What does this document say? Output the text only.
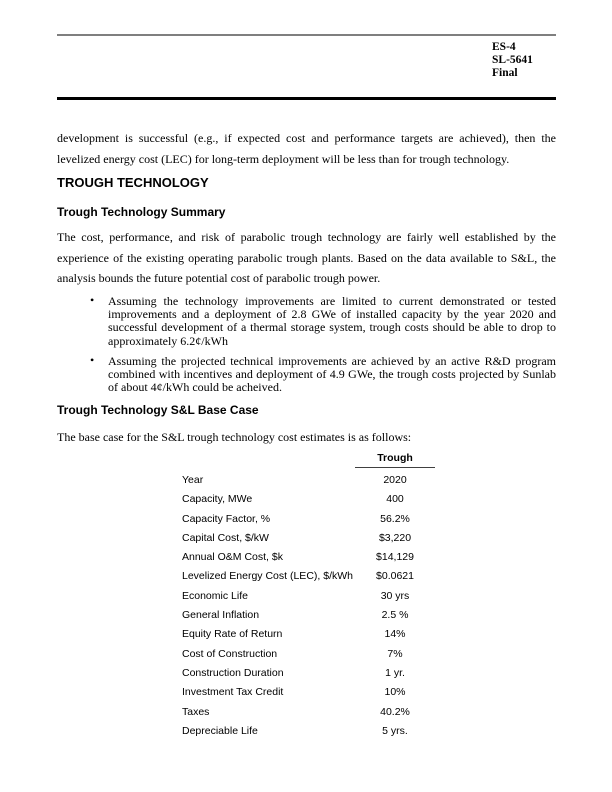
ES-4
SL-5641
Final

development is successful (e.g., if expected cost and performance targets are achieved), then the levelized energy cost (LEC) for long-term deployment will be less than for trough technology.

TROUGH TECHNOLOGY
Trough Technology Summary

The cost, performance, and risk of parabolic trough technology are fairly well established by the experience of the existing operating parabolic trough plants. Based on the data available to S&L, the analysis bounds the future potential cost of parabolic trough power.

• Assuming the technology improvements are limited to current demonstrated or tested improvements and a deployment of 2.8 GWe of installed capacity by the year 2020 and successful development of a thermal storage system, trough costs should be able to drop to approximately 6.2¢/kWh
• Assuming the projected technical improvements are achieved by an active R&D program combined with incentives and deployment of 4.9 GWe, the trough costs projected by Sunlab of about 4¢/kWh could be acheived.
Trough Technology S&L Base Case

The base case for the S&L trough technology cost estimates is as follows:

Trough
Year	2020
Capacity, MWe	400
Capacity Factor, %	56.2%
Capital Cost, $/kW	$3,220
Annual O&M Cost, $k	$14,129
Levelized Energy Cost (LEC), $/kWh	$0.0621
Economic Life	30 yrs
General Inflation	2.5 %
Equity Rate of Return	14%
Cost of Construction	7%
Construction Duration	1 yr.
Investment Tax Credit	10%
Taxes	40.2%
Depreciable Life	5 yrs.
